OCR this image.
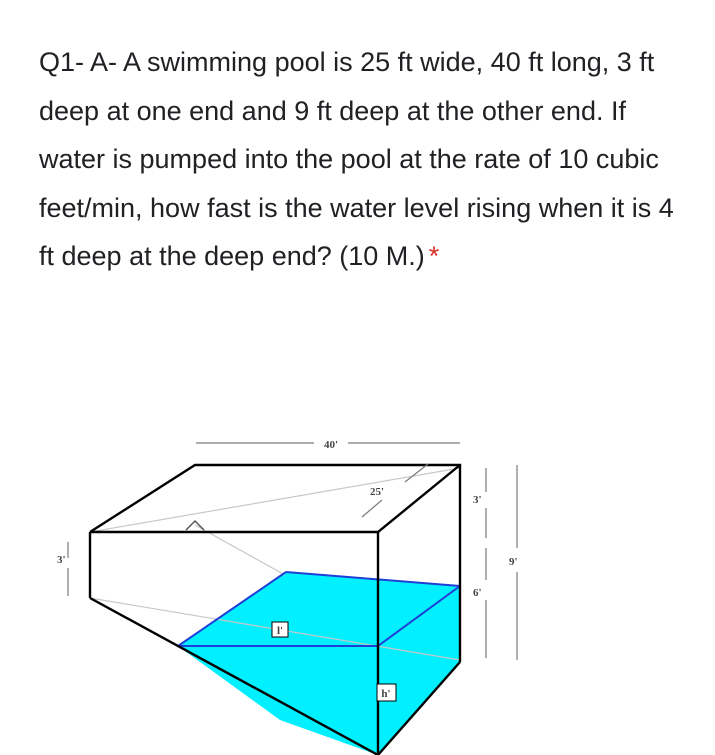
Q1- A- A swimming pool is 25 ft wide, 40 ft long, 3 ft deep at one end and 9 ft deep at the other end. If water is pumped into the pool at the rate of 10 cubic feet/min, how fast is the water level rising when it is 4 ft deep at the deep end? (10 M.) *

40'
25'
3'
3'
6'
9'
l'
h'
